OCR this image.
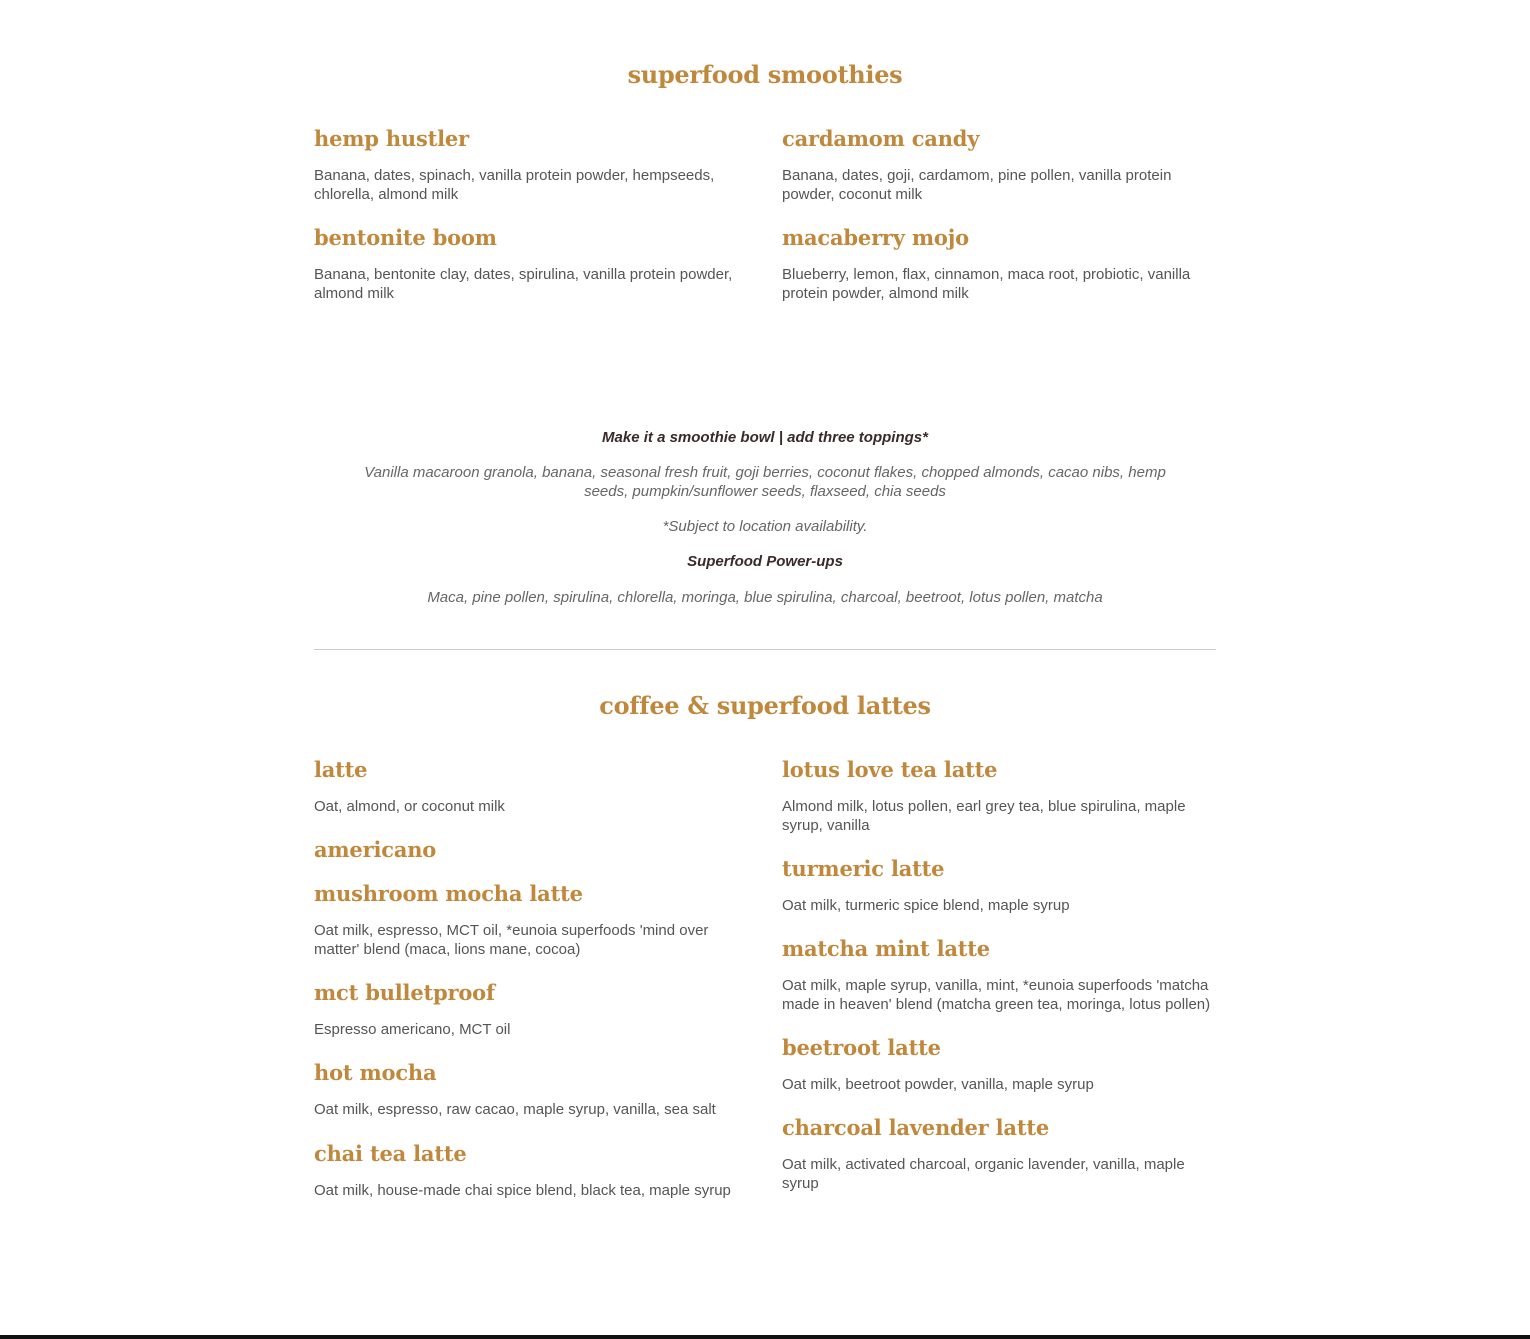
superfood smoothies
hemp hustler

Banana, dates, spinach, vanilla protein powder, hempseeds, chlorella, almond milk

bentonite boom

Banana, bentonite clay, dates, spirulina, vanilla protein powder, almond milk

cardamom candy

Banana, dates, goji, cardamom, pine pollen, vanilla protein powder, coconut milk

macaberry mojo

Blueberry, lemon, flax, cinnamon, maca root, probiotic, vanilla protein powder, almond milk

Make it a smoothie bowl | add three toppings*
Vanilla macaroon granola, banana, seasonal fresh fruit, goji berries, coconut flakes, chopped almonds, cacao nibs, hemp seeds, pumpkin/sunflower seeds, flaxseed, chia seeds
*Subject to location availability.
Superfood Power-ups
Maca, pine pollen, spirulina, chlorella, moringa, blue spirulina, charcoal, beetroot, lotus pollen, matcha
coffee & superfood lattes
latte

Oat, almond, or coconut milk

americano
mushroom mocha latte

Oat milk, espresso, MCT oil, *eunoia superfoods 'mind over matter' blend (maca, lions mane, cocoa)

mct bulletproof

Espresso americano, MCT oil

hot mocha

Oat milk, espresso, raw cacao, maple syrup, vanilla, sea salt

chai tea latte

Oat milk, house-made chai spice blend, black tea, maple syrup

lotus love tea latte

Almond milk, lotus pollen, earl grey tea, blue spirulina, maple syrup, vanilla

turmeric latte

Oat milk, turmeric spice blend, maple syrup

matcha mint latte

Oat milk, maple syrup, vanilla, mint, *eunoia superfoods 'matcha made in heaven' blend (matcha green tea, moringa, lotus pollen)

beetroot latte

Oat milk, beetroot powder, vanilla, maple syrup

charcoal lavender latte

Oat milk, activated charcoal, organic lavender, vanilla, maple syrup
